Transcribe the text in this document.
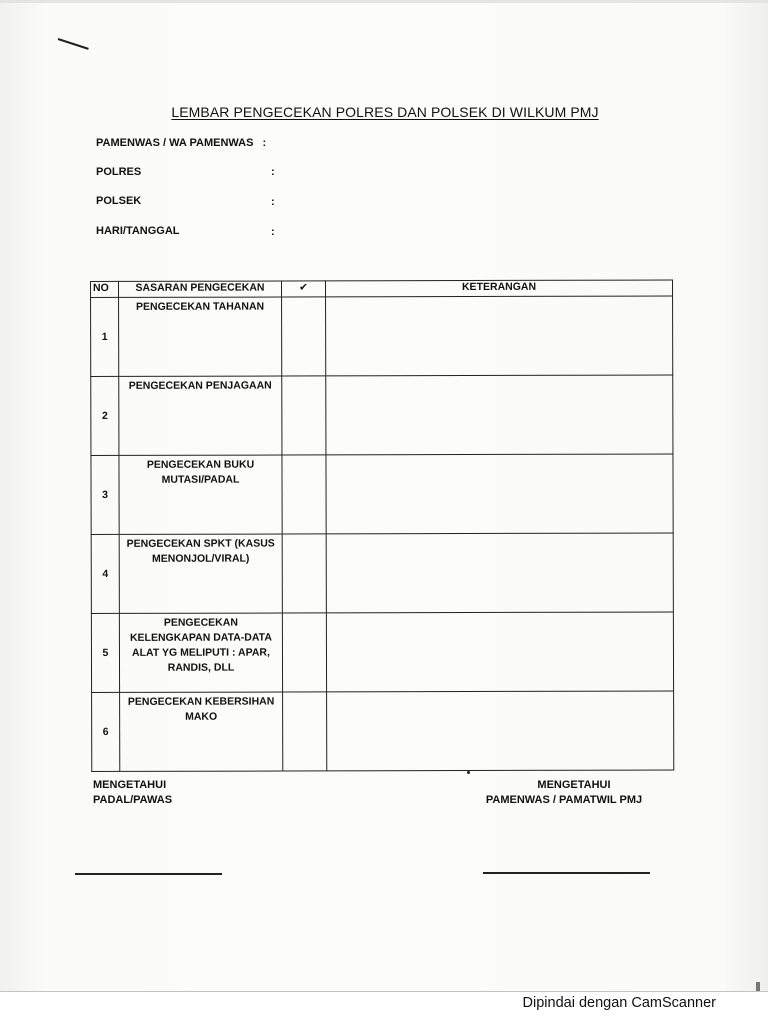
LEMBAR PENGECEKAN POLRES DAN POLSEK DI WILKUM PMJ
PAMENWAS / WA PAMENWAS :
POLRES	:
POLSEK	:
HARI/TANGGAL	:
NO	SASARAN PENGECEKAN	✔	KETERANGAN
1	PENGECEKAN TAHANAN		
2	PENGECEKAN PENJAGAAN		
3	PENGECEKAN BUKU MUTASI/PADAL		
4	PENGECEKAN SPKT (KASUS MENONJOL/VIRAL)		
5	PENGECEKAN KELENGKAPAN DATA-DATA ALAT YG MELIPUTI : APAR, RANDIS, DLL		
6	PENGECEKAN KEBERSIHAN MAKO		
MENGETAHUI
PADAL/PAWAS
MENGETAHUI
PAMENWAS / PAMATWIL PMJ
Dipindai dengan CamScanner
